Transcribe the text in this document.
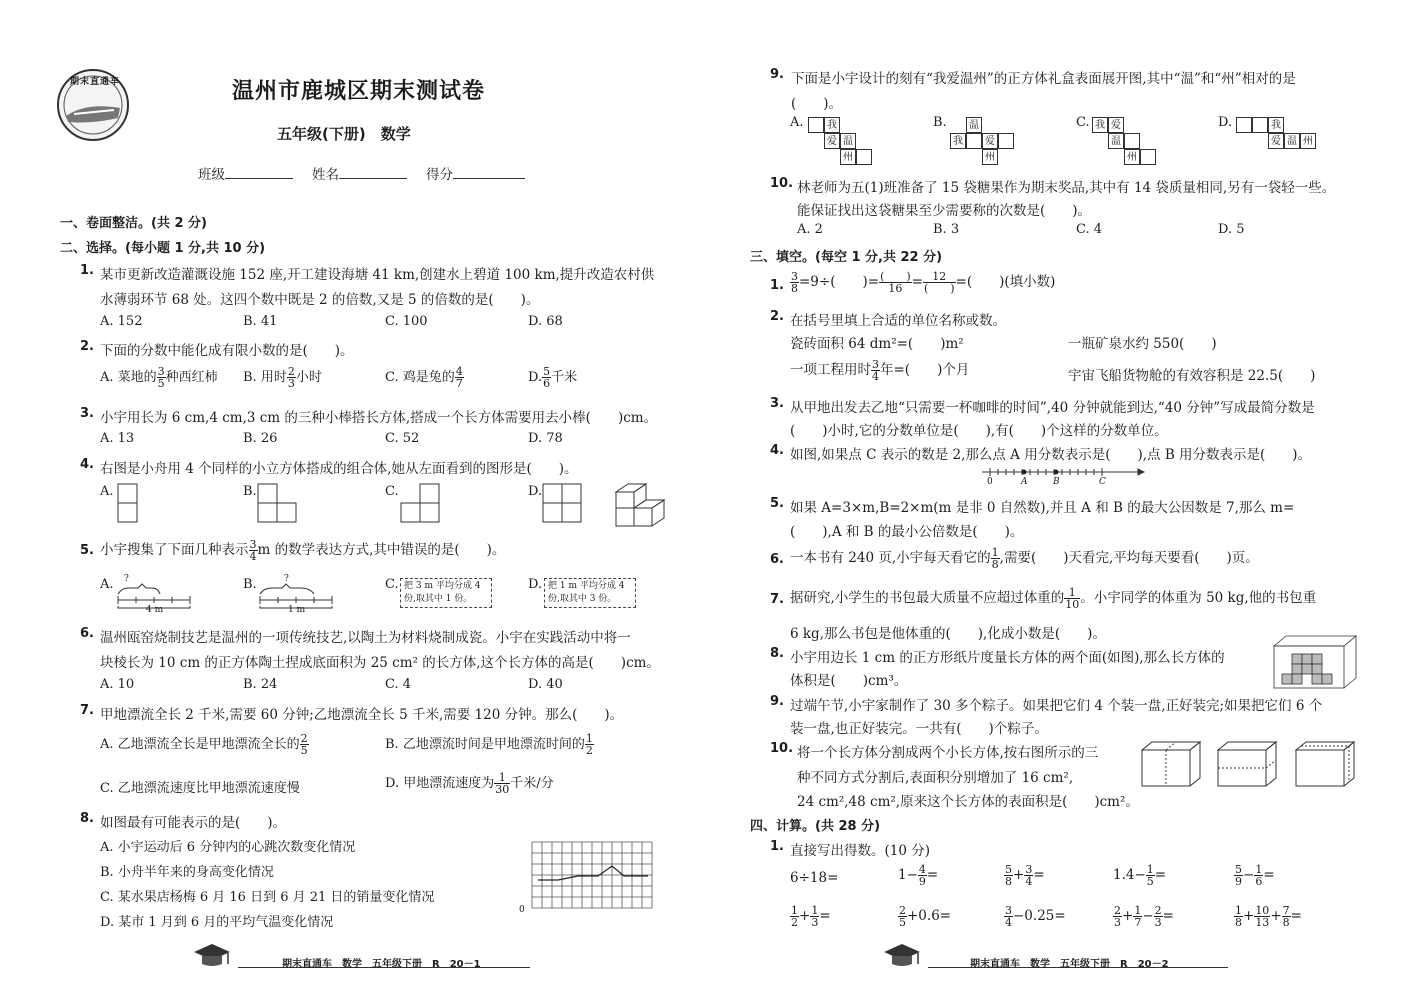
期末直通车	温州市鹿城区期末测试卷
五年级(下册)　数学
班级	姓名	得分
一、卷面整洁。(共 2 分)
二、选择。(每小题 1 分,共 10 分)
1. 某市更新改造灌溉设施 152 座,开工建设海塘 41 km,创建水上碧道 100 km,提升改造农村供
水薄弱环节 68 处。这四个数中既是 2 的倍数,又是 5 的倍数的是(　　)。
A. 152	B. 41	C. 100	D. 68
2. 下面的分数中能化成有限小数的是(　　)。
A. 菜地的 $\frac{3}{5}$ 种西红柿 B. 用时 $\frac{2}{3}$ 小时	C. 鸡是兔的 $\frac{4}{7}$	D. $\frac{5}{6}$ 千米
3. 小宇用长为 6 cm,4 cm,3 cm 的三种小棒搭长方体,搭成一个长方体需要用去小棒(　　)cm。
A. 13	B. 26	C. 52	D. 78
4. 右图是小舟用 4 个同样的小立方体搭成的组合体,她从左面看到的图形是(　　)。
A.	B.	C.	D.
5. 小宇搜集了下面几种表示 $\frac{3}{4}$ m 的数学表达方式,其中错误的是(　　)。
A.	B.	C.	D.
?
4 m
?
1 m
把 3 m 平均分成 4
份,取其中 1 份。
把 1 m 平均分成 4
份,取其中 3 份。
6. 温州瓯窑烧制技艺是温州的一项传统技艺,以陶土为材料烧制成瓷。小宇在实践活动中将一
块棱长为 10 cm 的正方体陶土捏成底面积为 25 cm² 的长方体,这个长方体的高是(　　)cm。
A. 10	B. 24	C. 4	D. 40
7. 甲地漂流全长 2 千米,需要 60 分钟;乙地漂流全长 5 千米,需要 120 分钟。那么(　　)。
A. 乙地漂流全长是甲地漂流全长的 $\frac{2}{5}$	B. 乙地漂流时间是甲地漂流时间的 $\frac{1}{2}$
C. 乙地漂流速度比甲地漂流速度慢	D. 甲地漂流速度为 $\frac{1}{30}$ 千米/分
8. 如图最有可能表示的是(　　)。
A. 小宇运动后 6 分钟内的心跳次数变化情况
B. 小舟半年来的身高变化情况
C. 某水果店杨梅 6 月 16 日到 6 月 21 日的销量变化情况
D. 某市 1 月到 6 月的平均气温变化情况
0
期末直通车　数学　五年级下册　R　20－1
9. 下面是小宇设计的刻有“我爱温州”的正方体礼盒表面展开图,其中“温”和“州”相对的是
(　　)。
A.	B.	C.	D.
我
爱 温
州
温
我	爱
州
我 爱
温
州
我
爱 温 州
10. 林老师为五(1)班准备了 15 袋糖果作为期末奖品,其中有 14 袋质量相同,另有一袋轻一些。
能保证找出这袋糖果至少需要称的次数是(　　)。
A. 2	B. 3	C. 4	D. 5
三、填空。(每空 1 分,共 22 分)
1. $\frac{3}{8} =9\div$(　　)= (　　)
16 = 12
(　　) =(　　)(填小数)
2. 在括号里填上合适的单位名称或数。
瓷砖面积 64 dm²=(　　)m²	一瓶矿泉水约 550(　　)
一项工程用时 $\frac{3}{4}$ 年=(　　)个月	宇宙飞船货物舱的有效容积是 22.5(　　)
3. 从甲地出发去乙地“只需要一杯咖啡的时间”,40 分钟就能到达,“40 分钟”写成最简分数是
(　　)小时,它的分数单位是(　　),有(　　)个这样的分数单位。
4. 如图,如果点 C 表示的数是 2,那么点 A 用分数表示是(　　),点 B 用分数表示是(　　)。
0	A	B	C
5. 如果 A=3×m,B=2×m(m 是非 0 自然数),并且 A 和 B 的最大公因数是 7,那么 m=
(　　),A 和 B 的最小公倍数是(　　)。
6. 一本书有 240 页,小宇每天看它的 $\frac{1}{8}$ ,需要(　　)天看完,平均每天要看(　　)页。
7. 据研究,小学生的书包最大质量不应超过体重的 $\frac{1}{10}$ 。小宇同学的体重为 50 kg,他的书包重
6 kg,那么书包是他体重的(　　),化成小数是(　　)。
8. 小宇用边长 1 cm 的正方形纸片度量长方体的两个面(如图),那么长方体的
体积是(　　)cm³。
9. 过端午节,小宇家制作了 30 多个粽子。如果把它们 4 个装一盘,正好装完;如果把它们 6 个
装一盘,也正好装完。一共有(　　)个粽子。
10. 将一个长方体分割成两个小长方体,按右图所示的三
种不同方式分割后,表面积分别增加了 16 cm²,
24 cm²,48 cm²,原来这个长方体的表面积是(　　)cm²。
四、计算。(共 28 分)
1. 直接写出得数。(10 分)
6÷18=	$1- \frac{4}{9}$ =	$\frac{5}{8} + \frac{3}{4}$ =	$1.4- \frac{1}{5}$ =	$\frac{5}{9} - \frac{1}{6}$ =
$\frac{1}{2} + \frac{1}{3}$ =	$\frac{2}{5} +0.6=$	$\frac{3}{4} -0.25=$	$\frac{2}{3} + \frac{1}{7} - \frac{2}{3}$ =	$\frac{1}{8} + \frac{10}{13} + \frac{7}{8}$ =
期末直通车　数学　五年级下册　R　20－2
